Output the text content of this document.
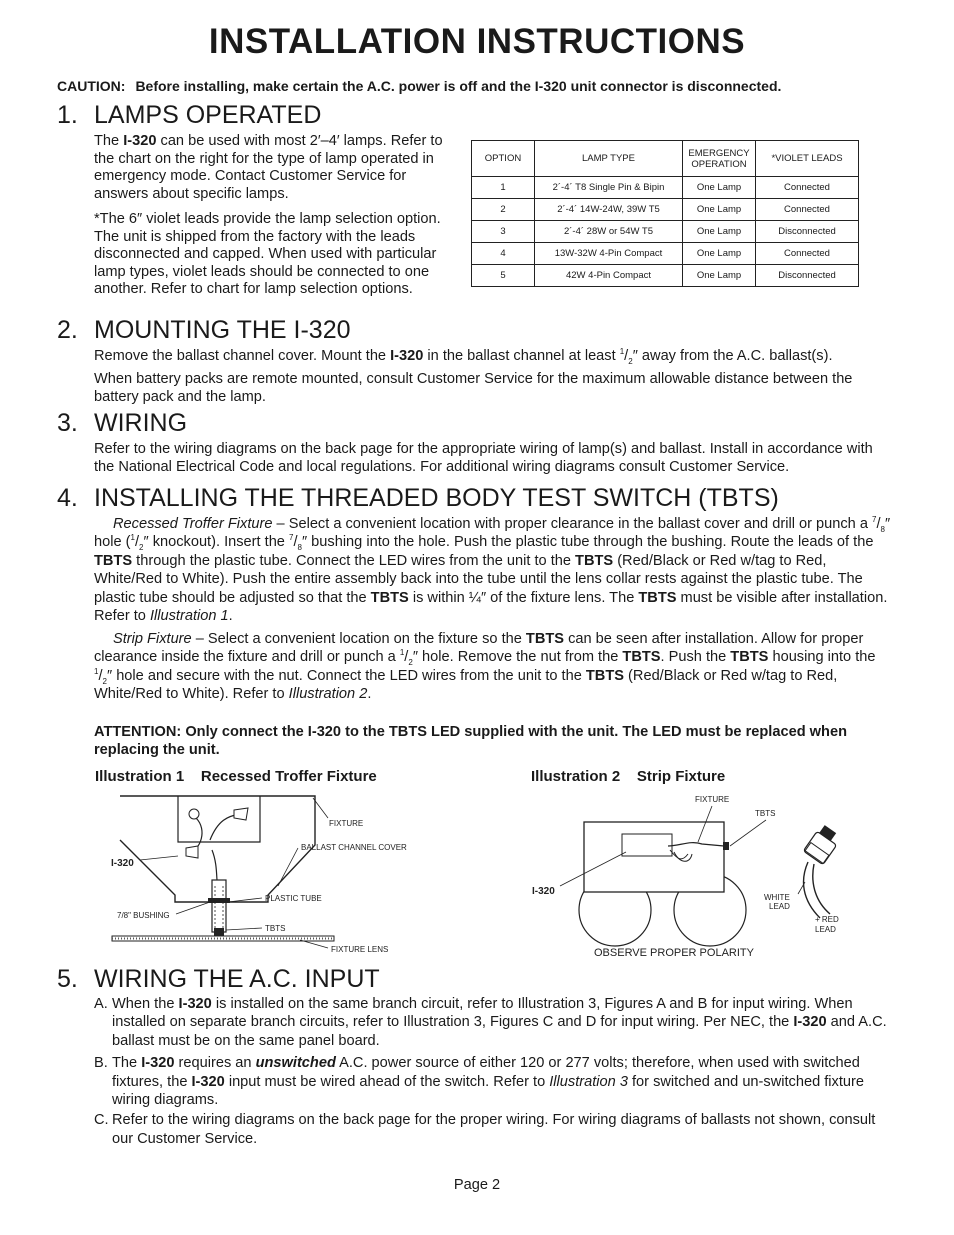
INSTALLATION INSTRUCTIONS
CAUTION: Before installing, make certain the A.C. power is off and the I-320 unit connector is disconnected.
1. LAMPS OPERATED

The I-320 can be used with most 2′–4′ lamps. Refer to the chart on the right for the type of lamp operated in emergency mode. Contact Customer Service for answers about specific lamps.

*The 6″ violet leads provide the lamp selection option. The unit is shipped from the factory with the leads disconnected and capped. When used with particular lamp types, violet leads should be connected to one another. Refer to chart for lamp selection options.

OPTION	LAMP TYPE	EMERGENCY OPERATION	*VIOLET LEADS
1	2´-4´ T8 Single Pin & Bipin	One Lamp	Connected
2	2´-4´ 14W-24W, 39W T5	One Lamp	Connected
3	2´-4´ 28W or 54W T5	One Lamp	Disconnected
4	13W-32W 4-Pin Compact	One Lamp	Connected
5	42W 4-Pin Compact	One Lamp	Disconnected
2. MOUNTING THE I-320

Remove the ballast channel cover. Mount the I-320 in the ballast channel at least $^1/_2''$ away from the A.C. ballast(s).

When battery packs are remote mounted, consult Customer Service for the maximum allowable distance between the battery pack and the lamp.

3. WIRING

Refer to the wiring diagrams on the back page for the appropriate wiring of lamp(s) and ballast. Install in accordance with the National Electrical Code and local regulations. For additional wiring diagrams consult Customer Service.

4. INSTALLING THE THREADED BODY TEST SWITCH (TBTS)

Recessed Troffer Fixture – Select a convenient location with proper clearance in the ballast cover and drill or punch a $^7/_8''$ hole ($^1/_2''$ knockout). Insert the $^7/_8''$ bushing into the hole. Push the plastic tube through the bushing. Route the leads of the TBTS through the plastic tube. Connect the LED wires from the unit to the TBTS (Red/Black or Red w/tag to Red, White/Red to White). Push the entire assembly back into the tube until the lens collar rests against the plastic tube. The plastic tube should be adjusted so that the TBTS is within ¼″ of the fixture lens. The TBTS must be visible after installation. Refer to Illustration 1.

Strip Fixture – Select a convenient location on the fixture so the TBTS can be seen after installation. Allow for proper clearance inside the fixture and drill or punch a $^1/_2''$ hole. Remove the nut from the TBTS. Push the TBTS housing into the $^1/_2''$ hole and secure with the nut. Connect the LED wires from the unit to the TBTS (Red/Black or Red w/tag to Red, White/Red to White). Refer to Illustration 2.

ATTENTION: Only connect the I-320 to the TBTS LED supplied with the unit. The LED must be replaced when replacing the unit.

Illustration 1 Recessed Troffer Fixture	Illustration 2 Strip Fixture
FIXTURE
BALLAST CHANNEL COVER
I-320
PLASTIC TUBE
7/8" BUSHING
TBTS
FIXTURE LENS
FIXTURE
TBTS
I-320
WHITE
LEAD
+ RED
LEAD
OBSERVE PROPER POLARITY
5. WIRING THE A.C. INPUT
A. When the I-320 is installed on the same branch circuit, refer to Illustration 3, Figures A and B for input wiring. When installed on separate branch circuits, refer to Illustration 3, Figures C and D for input wiring. Per NEC, the I-320 and A.C. ballast must be on the same panel board.
B. The I-320 requires an unswitched A.C. power source of either 120 or 277 volts; therefore, when used with switched fixtures, the I-320 input must be wired ahead of the switch. Refer to Illustration 3 for switched and un-switched fixture wiring diagrams.
C. Refer to the wiring diagrams on the back page for the proper wiring. For wiring diagrams of ballasts not shown, consult our Customer Service.
Page 2
